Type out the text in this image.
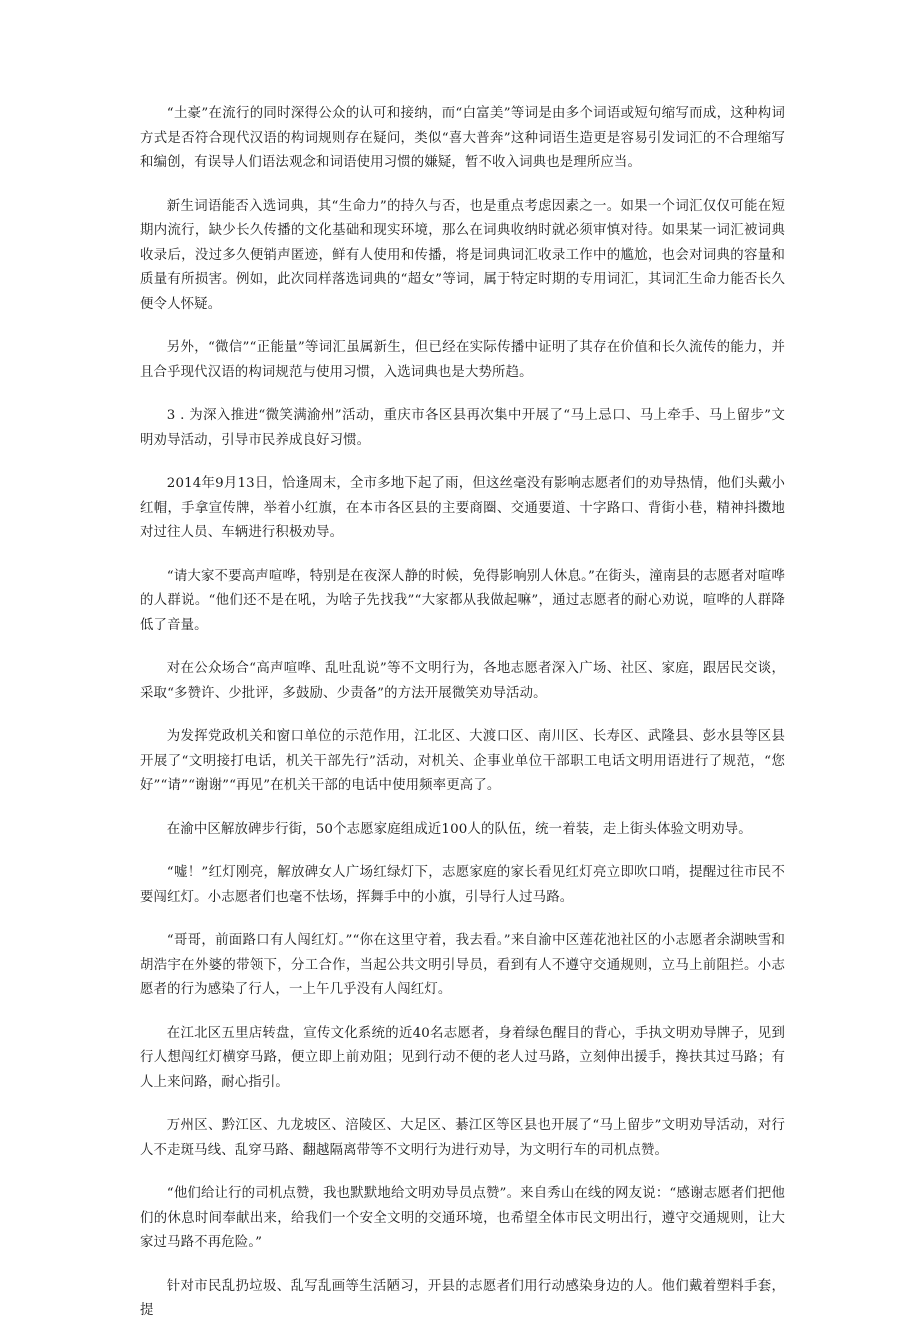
“土豪”在流行的同时深得公众的认可和接纳，而“白富美”等词是由多个词语或短句缩写而成，这种构词方式是否符合现代汉语的构词规则存在疑问，类似“喜大普奔”这种词语生造更是容易引发词汇的不合理缩写和编创，有误导人们语法观念和词语使用习惯的嫌疑，暂不收入词典也是理所应当。

新生词语能否入选词典，其“生命力”的持久与否，也是重点考虑因素之一。如果一个词汇仅仅可能在短期内流行，缺少长久传播的文化基础和现实环境，那么在词典收纳时就必须审慎对待。如果某一词汇被词典收录后，没过多久便销声匿迹，鲜有人使用和传播，将是词典词汇收录工作中的尴尬，也会对词典的容量和质量有所损害。例如，此次同样落选词典的“超女”等词，属于特定时期的专用词汇，其词汇生命力能否长久便令人怀疑。

另外，“微信”“正能量”等词汇虽属新生，但已经在实际传播中证明了其存在价值和长久流传的能力，并且合乎现代汉语的构词规范与使用习惯，入选词典也是大势所趋。

3 . 为深入推进“微笑满渝州”活动，重庆市各区县再次集中开展了“马上忌口、马上牵手、马上留步”文明劝导活动，引导市民养成良好习惯。

2014年9月13日，恰逢周末，全市多地下起了雨，但这丝毫没有影响志愿者们的劝导热情，他们头戴小红帽，手拿宣传牌，举着小红旗，在本市各区县的主要商圈、交通要道、十字路口、背街小巷，精神抖擞地对过往人员、车辆进行积极劝导。

“请大家不要高声喧哗，特别是在夜深人静的时候，免得影响别人休息。”在街头，潼南县的志愿者对喧哗的人群说。“他们还不是在吼，为啥子先找我”“大家都从我做起嘛”，通过志愿者的耐心劝说，喧哗的人群降低了音量。

对在公众场合“高声喧哗、乱吐乱说”等不文明行为，各地志愿者深入广场、社区、家庭，跟居民交谈，采取“多赞许、少批评，多鼓励、少责备”的方法开展微笑劝导活动。

为发挥党政机关和窗口单位的示范作用，江北区、大渡口区、南川区、长寿区、武隆县、彭水县等区县开展了“文明接打电话，机关干部先行”活动，对机关、企事业单位干部职工电话文明用语进行了规范，“您好”“请”“谢谢”“再见”在机关干部的电话中使用频率更高了。

在渝中区解放碑步行街，50个志愿家庭组成近100人的队伍，统一着装，走上街头体验文明劝导。

“嘘！”红灯刚亮，解放碑女人广场红绿灯下，志愿家庭的家长看见红灯亮立即吹口哨，提醒过往市民不要闯红灯。小志愿者们也毫不怯场，挥舞手中的小旗，引导行人过马路。

“哥哥，前面路口有人闯红灯。”“你在这里守着，我去看。”来自渝中区莲花池社区的小志愿者余湖映雪和胡浩宇在外婆的带领下，分工合作，当起公共文明引导员，看到有人不遵守交通规则，立马上前阻拦。小志愿者的行为感染了行人，一上午几乎没有人闯红灯。

在江北区五里店转盘，宣传文化系统的近40名志愿者，身着绿色醒目的背心，手执文明劝导牌子，见到行人想闯红灯横穿马路，便立即上前劝阻；见到行动不便的老人过马路，立刻伸出援手，搀扶其过马路；有人上来问路，耐心指引。

万州区、黔江区、九龙坡区、涪陵区、大足区、綦江区等区县也开展了“马上留步”文明劝导活动，对行人不走斑马线、乱穿马路、翻越隔离带等不文明行为进行劝导，为文明行车的司机点赞。

“他们给让行的司机点赞，我也默默地给文明劝导员点赞”。来自秀山在线的网友说：“感谢志愿者们把他们的休息时间奉献出来，给我们一个安全文明的交通环境，也希望全体市民文明出行，遵守交通规则，让大家过马路不再危险。”

针对市民乱扔垃圾、乱写乱画等生活陋习，开县的志愿者们用行动感染身边的人。他们戴着塑料手套，提
